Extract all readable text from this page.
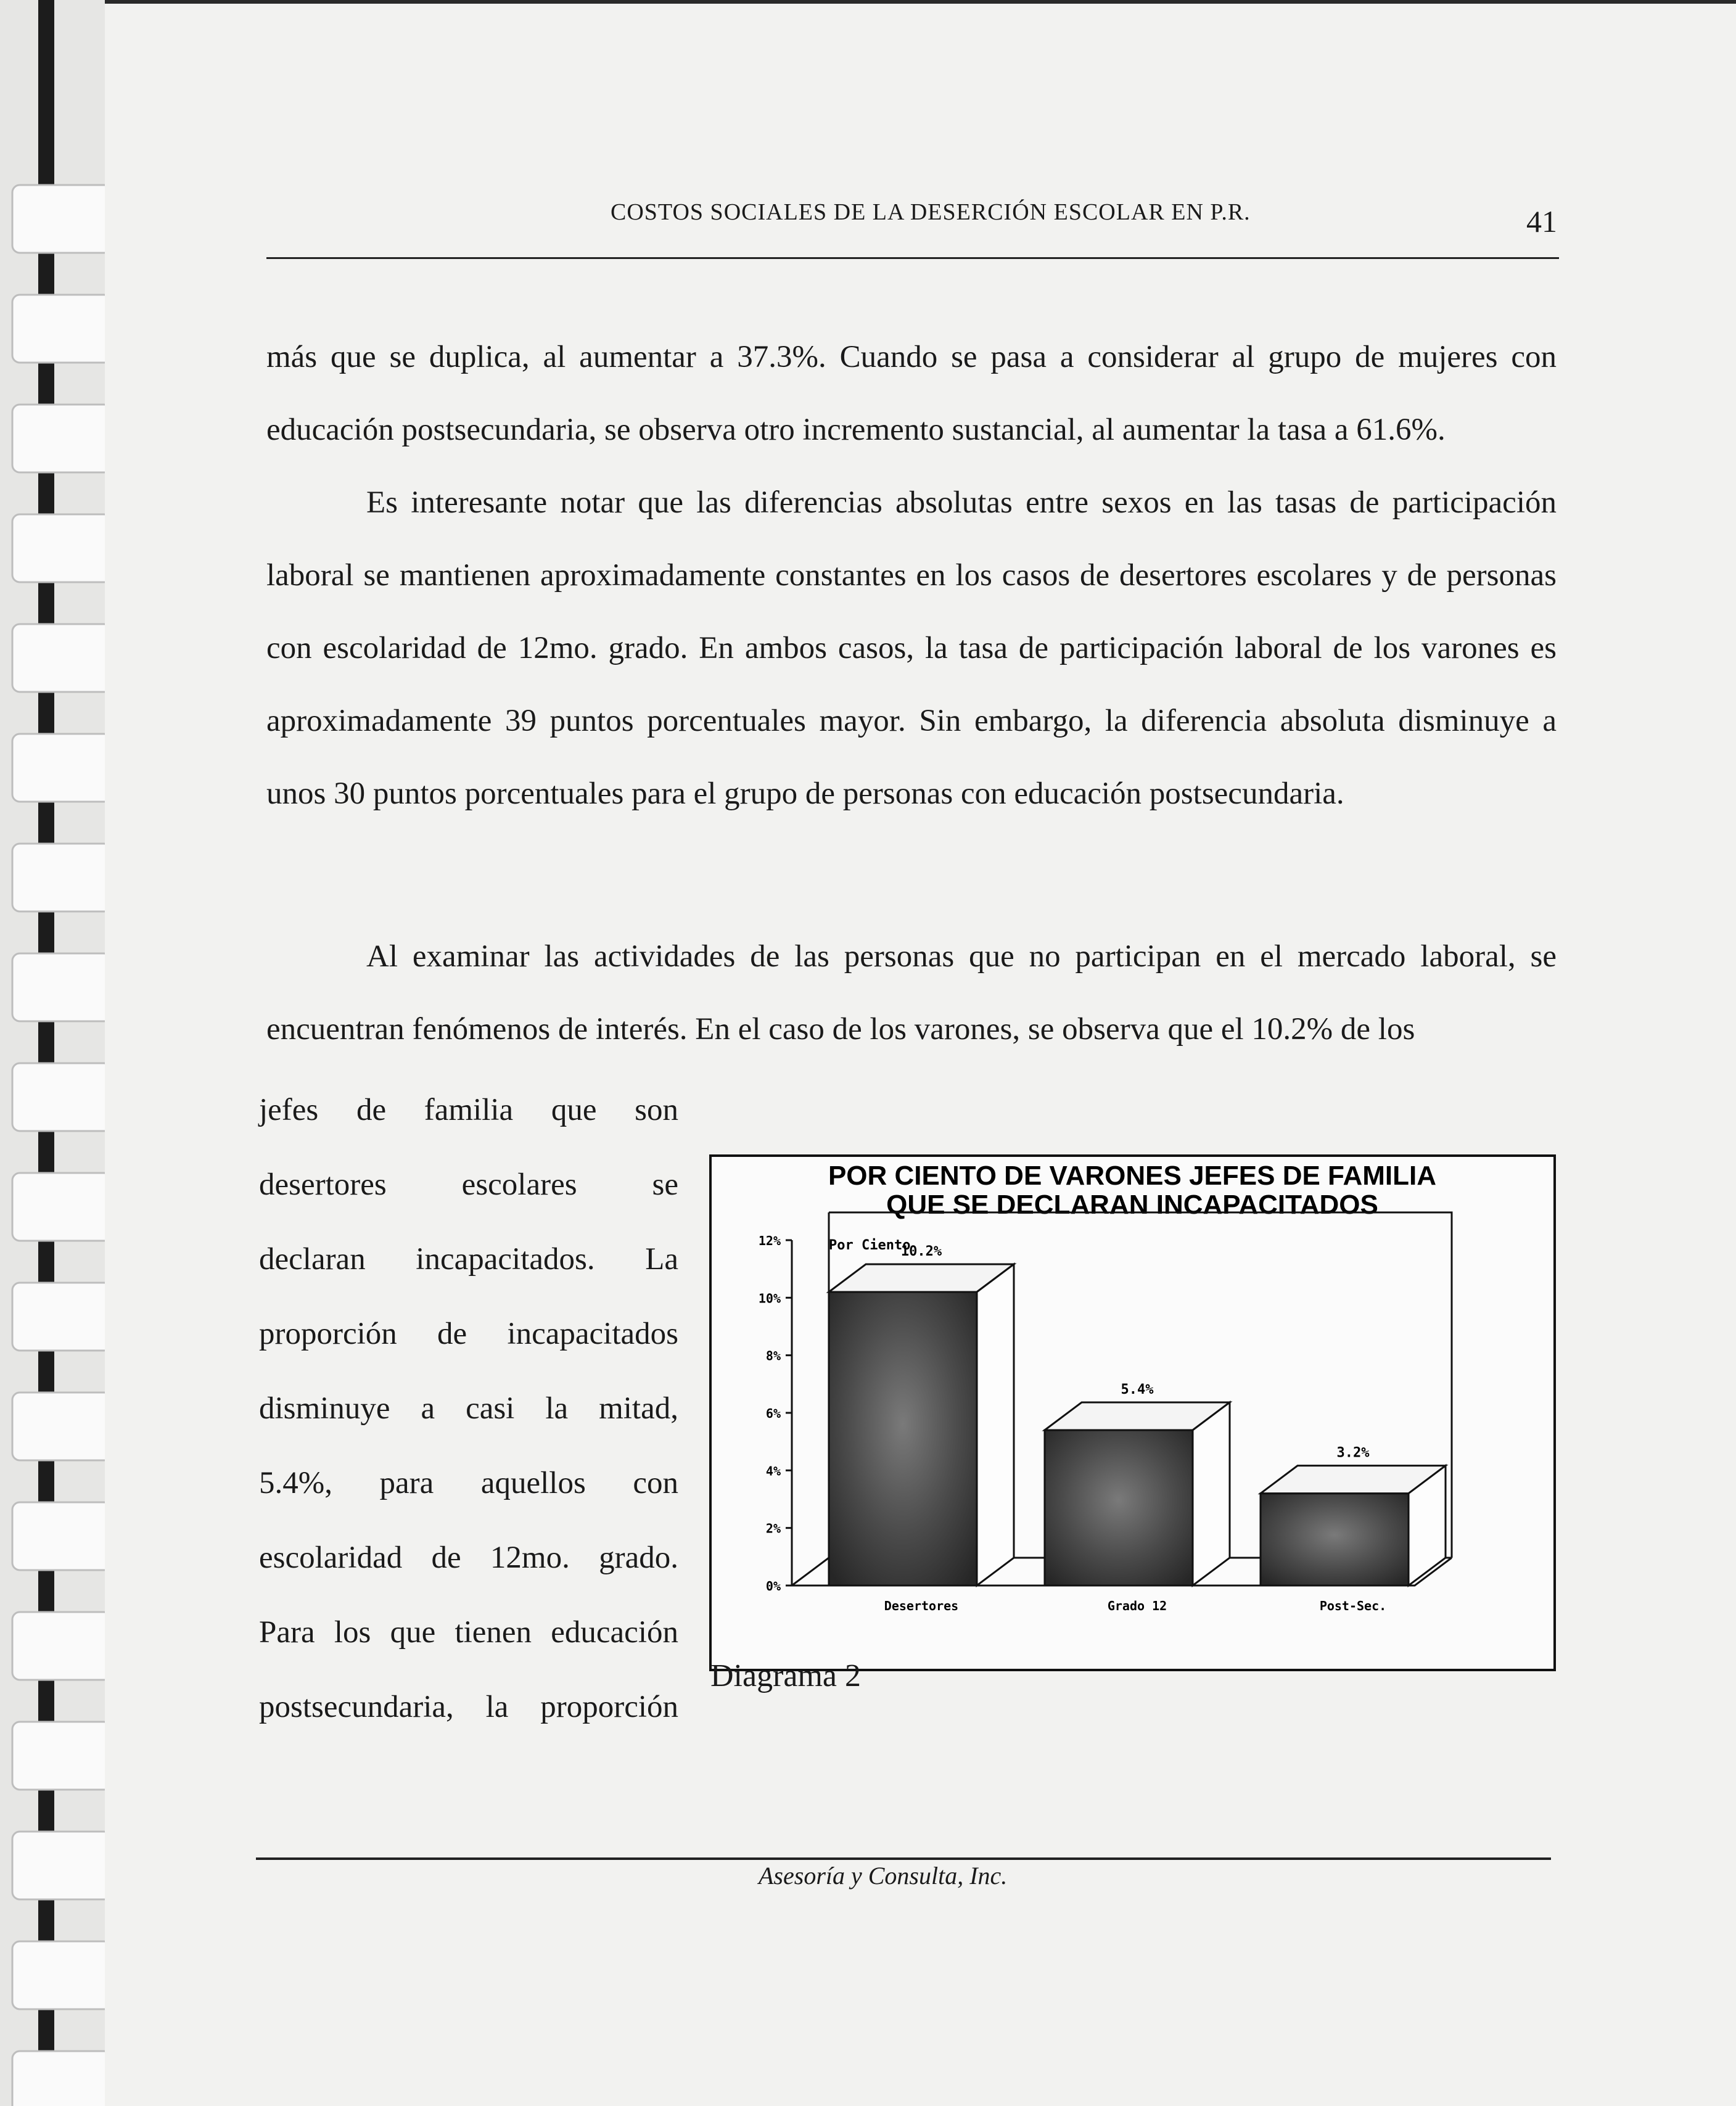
COSTOS SOCIALES DE LA DESERCIÓN ESCOLAR EN P.R.	41

más que se duplica, al aumentar a 37.3%. Cuando se pasa a considerar al grupo de mujeres con educación postsecundaria, se observa otro incremento sustancial, al aumentar la tasa a 61.6%.

Es interesante notar que las diferencias absolutas entre sexos en las tasas de participación laboral se mantienen aproximadamente constantes en los casos de desertores escolares y de personas con escolaridad de 12mo. grado. En ambos casos, la tasa de participación laboral de los varones es aproximadamente 39 puntos porcentuales mayor. Sin embargo, la diferencia absoluta disminuye a unos 30 puntos porcentuales para el grupo de personas con educación postsecundaria.

Al examinar las actividades de las personas que no participan en el mercado laboral, se encuentran fenómenos de interés. En el caso de los varones, se observa que el 10.2% de los

jefes de familia que son

desertores escolares se

declaran incapacitados. La

proporción de incapacitados

disminuye a casi la mitad,

5.4%, para aquellos con

escolaridad de 12mo. grado.

Para los que tienen educación

postsecundaria, la proporción

POR CIENTO DE VARONES JEFES DE FAMILIA
QUE SE DECLARAN INCAPACITADOS
Por Ciento
0%
2%
4%
6%
8%
10%
12%
10.2%
Desertores
5.4%
Grado 12
3.2%
Post-Sec.
Diagrama 2
Asesoría y Consulta, Inc.
